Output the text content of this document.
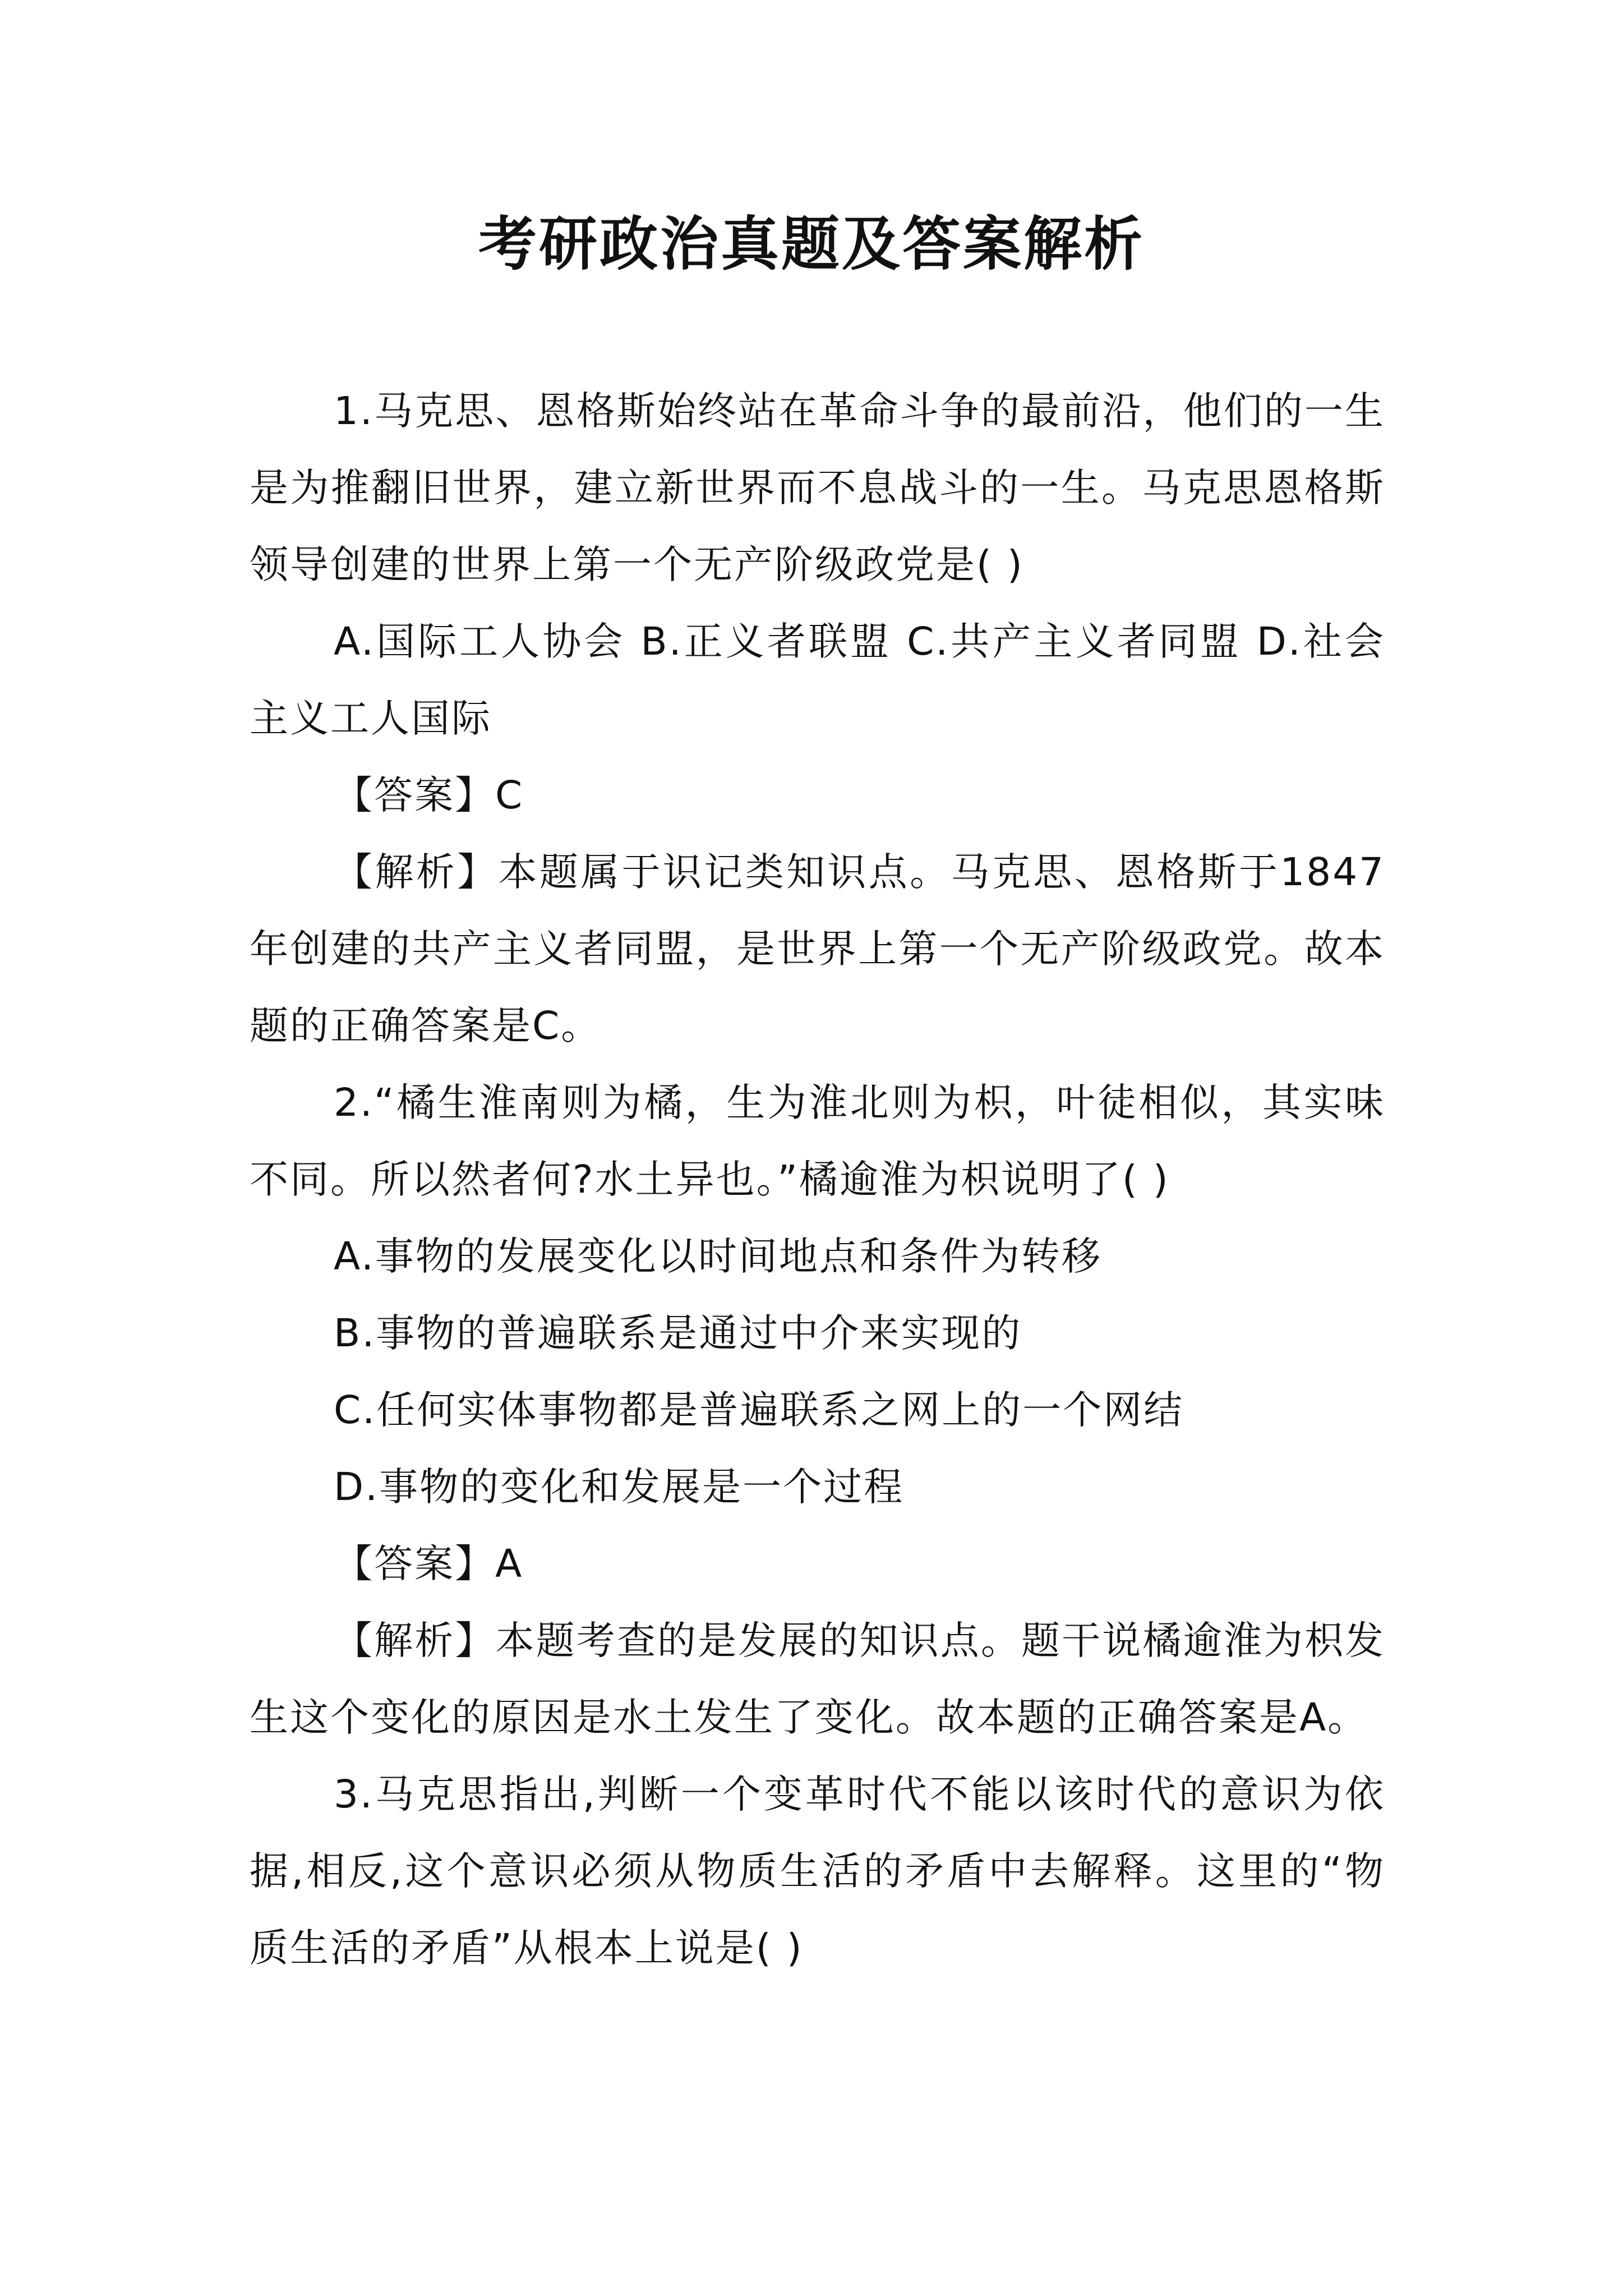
考研政治真题及答案解析

1.马克思、恩格斯始终站在革命斗争的最前沿，他们的一生是为推翻旧世界，建立新世界而不息战斗的一生。马克思恩格斯领导创建的世界上第一个无产阶级政党是( )

A.国际工人协会 B.正义者联盟 C.共产主义者同盟 D.社会主义工人国际

【答案】C

【解析】本题属于识记类知识点。马克思、恩格斯于1847年创建的共产主义者同盟，是世界上第一个无产阶级政党。故本题的正确答案是C。

2.“橘生淮南则为橘，生为淮北则为枳，叶徒相似，其实味不同。所以然者何?水土异也。”橘逾淮为枳说明了( )

A.事物的发展变化以时间地点和条件为转移

B.事物的普遍联系是通过中介来实现的

C.任何实体事物都是普遍联系之网上的一个网结

D.事物的变化和发展是一个过程

【答案】A

【解析】本题考查的是发展的知识点。题干说橘逾淮为枳发生这个变化的原因是水土发生了变化。故本题的正确答案是A。

3.马克思指出,判断一个变革时代不能以该时代的意识为依据,相反,这个意识必须从物质生活的矛盾中去解释。这里的“物质生活的矛盾”从根本上说是( )
